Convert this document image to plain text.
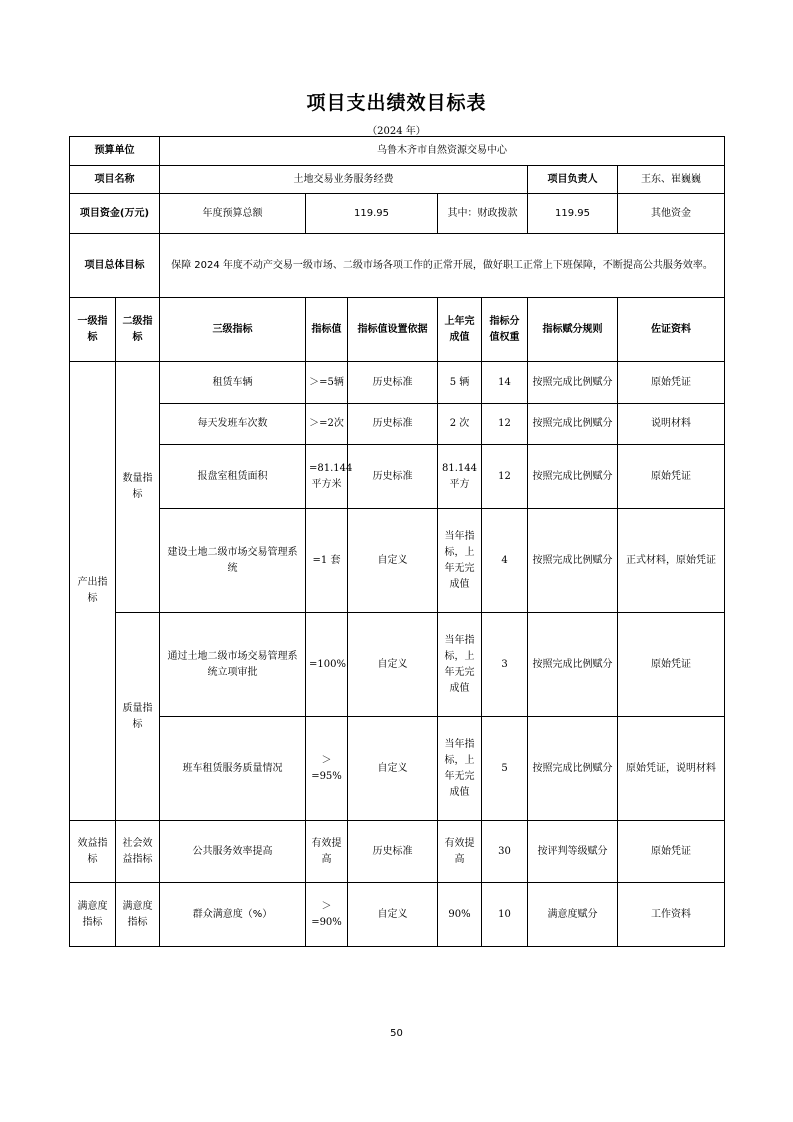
项目支出绩效目标表
（2024 年）
预算单位		乌鲁木齐市自然资源交易中心							
项目名称		土地交易业务服务经费					项目负责人	王东、崔巍巍	
项目资金(万元)		年度预算总额	119.95		其中：财政拨款		119.95	其他资金	
项目总体目标		保障 2024 年度不动产交易一级市场、二级市场各项工作的正常开展，做好职工正常上下班保障，不断提高公共服务效率。							
一级指标	二级指标	三级指标	指标值	指标值设置依据	上年完成值	指标分值权重	指标赋分规则	佐证资料	
产出指标	数量指标	租赁车辆	＞=5辆	历史标准	5 辆	14	按照完成比例赋分	原始凭证	
		每天发班车次数	＞=2次	历史标准	2 次	12	按照完成比例赋分	说明材料	
		报盘室租赁面积	=81.144 平方米	历史标准	81.144 平方	12	按照完成比例赋分	原始凭证	
		建设土地二级市场交易管理系统	=1 套	自定义	当年指标，上年无完成值	4	按照完成比例赋分	正式材料，原始凭证	
	质量指标	通过土地二级市场交易管理系统立项审批	=100%	自定义	当年指标，上年无完成值	3	按照完成比例赋分	原始凭证	
		班车租赁服务质量情况	＞=95%	自定义	当年指标，上年无完成值	5	按照完成比例赋分	原始凭证，说明材料	
效益指标	社会效益指标	公共服务效率提高	有效提高	历史标准	有效提高	30	按评判等级赋分	原始凭证	
满意度指标	满意度指标	群众满意度（%）	＞=90%	自定义	90%	10	满意度赋分	工作资料	
50
